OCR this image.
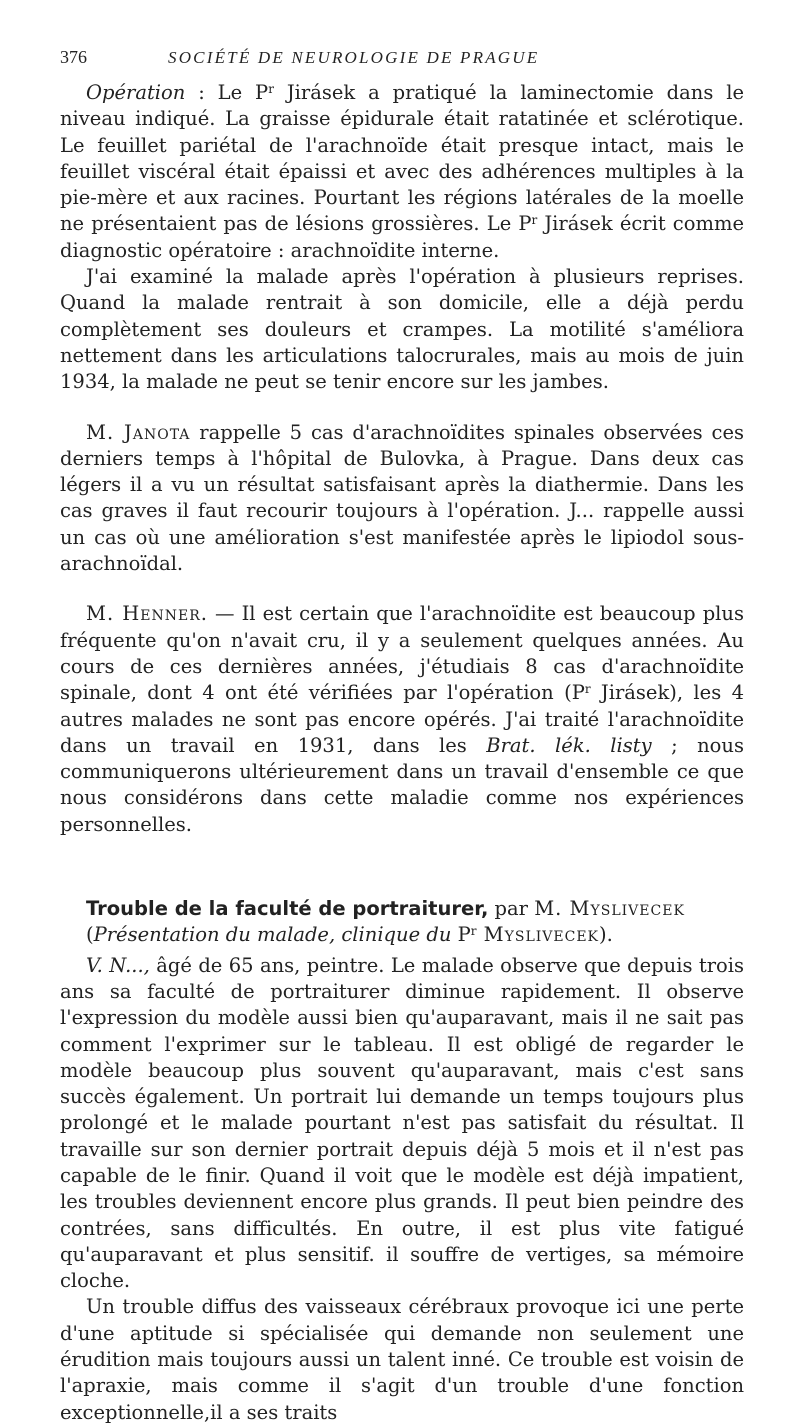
376	SOCIÉTÉ DE NEUROLOGIE DE PRAGUE

Opération : Le $P^r$ Jirásek a pratiqué la laminectomie dans le niveau indiqué. La graisse épidurale était ratatinée et sclérotique. Le feuillet pariétal de l'arachnoïde était presque intact, mais le feuillet viscéral était épaissi et avec des adhérences multiples à la pie-mère et aux racines. Pourtant les régions latérales de la moelle ne présentaient pas de lésions grossières. Le $P^r$ Jirásek écrit comme diagnostic opératoire : arachnoïdite interne.

J'ai examiné la malade après l'opération à plusieurs reprises. Quand la malade rentrait à son domicile, elle a déjà perdu complètement ses douleurs et crampes. La motilité s'améliora nettement dans les articulations talocrurales, mais au mois de juin 1934, la malade ne peut se tenir encore sur les jambes.

M. Janota rappelle 5 cas d'arachnoïdites spinales observées ces derniers temps à l'hôpital de Bulovka, à Prague. Dans deux cas légers il a vu un résultat satisfaisant après la diathermie. Dans les cas graves il faut recourir toujours à l'opération. J... rappelle aussi un cas où une amélioration s'est manifestée après le lipiodol sous-arachnoïdal.

M. Henner. — Il est certain que l'arachnoïdite est beaucoup plus fréquente qu'on n'avait cru, il y a seulement quelques années. Au cours de ces dernières années, j'étudiais 8 cas d'arachnoïdite spinale, dont 4 ont été vérifiées par l'opération ($P^r$ Jirásek), les 4 autres malades ne sont pas encore opérés. J'ai traité l'arachnoïdite dans un travail en 1931, dans les Brat. lék. listy ; nous communiquerons ultérieurement dans un travail d'ensemble ce que nous considérons dans cette maladie comme nos expériences personnelles.

Trouble de la faculté de portraiturer, par M. Myslivecek

(Présentation du malade, clinique du $P^r$ Myslivecek).

V. N..., âgé de 65 ans, peintre. Le malade observe que depuis trois ans sa faculté de portraiturer diminue rapidement. Il observe l'expression du modèle aussi bien qu'auparavant, mais il ne sait pas comment l'exprimer sur le tableau. Il est obligé de regarder le modèle beaucoup plus souvent qu'auparavant, mais c'est sans succès également. Un portrait lui demande un temps toujours plus prolongé et le malade pourtant n'est pas satisfait du résultat. Il travaille sur son dernier portrait depuis déjà 5 mois et il n'est pas capable de le finir. Quand il voit que le modèle est déjà impatient, les troubles deviennent encore plus grands. Il peut bien peindre des contrées, sans difficultés. En outre, il est plus vite fatigué qu'auparavant et plus sensitif. il souffre de vertiges, sa mémoire cloche.

Un trouble diffus des vaisseaux cérébraux provoque ici une perte d'une aptitude si spécialisée qui demande non seulement une érudition mais toujours aussi un talent inné. Ce trouble est voisin de l'apraxie, mais comme il s'agit d'un trouble d'une fonction exceptionnelle,il a ses traits
